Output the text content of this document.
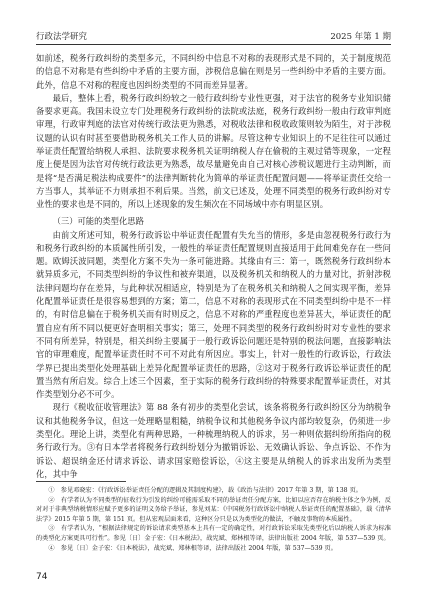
行政法学研究	2025 年第 1 期

如前述，税务行政纠纷的类型多元，不同纠纷中信息不对称的表现形式是不同的，关于制度规范的信息不对称是有些纠纷中矛盾的主要方面，涉税信息偏在则是另一些纠纷中矛盾的主要方面。此外，信息不对称的程度也因纠纷类型的不同而差异显著。

最后，整体上看，税务行政纠纷较之一般行政纠纷专业性更强，对于法官的税务专业知识储备要求更高。我国未设立专门处理税务行政纠纷的法院或法庭，税务行政纠纷一般由行政审判庭审理，行政审判庭的法官对传统行政法更为熟悉，对税收法律和税收政策则较为陌生，对于涉税议题的认识有时甚至要借助税务机关工作人员的讲解。尽管这种专业知识上的不足往往可以通过举证责任配置给纳税人承担、法院要求税务机关证明纳税人存在偷税的主观过错等现象，一定程度上便是因为法官对传统行政法更为熟悉，故尽量避免由自己对核心涉税议题进行主动判断，而是将“是否满足税法构成要件”的法律判断转化为简单的举证责任配置问题——将举证责任交给一方当事人，其举证不力则承担不利后果。当然，前文已述及，处理不同类型的税务行政纠纷对专业性的要求也是不同的，所以上述现象的发生频次在不同场域中亦有明显区别。

（三）可能的类型化思路

由前文所述可知，税务行政诉讼中举证责任配置有失允当的情形，多是由忽视税务行政行为和税务行政纠纷的本质属性所引发，一般性的举证责任配置规则直接适用于此间难免存在一些问题。欧姆沃波同题，类型化方案不失为一条可能进路。其缘由有三：第一，既然税务行政纠纷本就异质多元，不同类型纠纷的争议性和被弃渠道，以及税务机关和纳税人的力量对比，折射涉税法律问题均存在差异，与此种状况相适应，特别是为了在税务机关和纳税人之间实现平衡，差异化配置举证责任是很容易想到的方案；第二，信息不对称的表现形式在不同类型纠纷中是不一样的，有时信息偏在于税务机关而有时则反之，信息不对称的严重程度也差异甚大，举证责任的配置自应有所不同以便更好查明相关事实；第三，处理不同类型的税务行政纠纷时对专业性的要求不同有所差异，特别是，相关纠纷主要属于一般行政诉讼问题还是特别的税法问题，直接影响法官的审理难度，配置举证责任时不可不对此有所因应。事实上，针对一般性的行政诉讼，行政法学界已提出类型化处理基础上差异化配置举证责任的思路，②这对于税务行政诉讼举证责任的配置当然有所启发。综合上述三个因素，至于实际的税务行政纠纷的特殊要求配置举证责任，对其作类型划分必不可少。

现行《税收征收管理法》第 88 条有初步的类型化尝试，该条将税务行政纠纷区分为纳税争议和其他税务争议，但这一处理略显粗糙，纳税争议和其他税务争议内部均较复杂，仍须进一步类型化。理论上讲，类型化有两种思路，一种梳理纳税人的诉求，另一种则依据纠纷所指向的税务行政行为。③有日本学者将税务行政纠纷划分为撤销诉讼、无效确认诉讼、争点诉讼、不作为诉讼、超误纳金还付请求诉讼、请求国家赔偿诉讼，④这主要是从纳税人的诉求出发所为类型化，其中争

①　参见邓晓宏：《行政诉讼举证责任分配的逻辑及其制度构建》，载《政治与法律》2017 年第 3 期，第 138 页。

②　有学者认为不同类型的征收行为引发的纠纷可能需采取不同的举证责任分配方案，比如以应否存在纳税主体之争为例，反对对于非典型纳税情形应赋予更多的证明义务给予举证，参见刘某：《中国税务行政诉讼中纳税人举证责任的配置基础》，载《清华法学》2015 年第 5 期，第 151 页。但从宏观层面来看，这种区分只是以为类型化的做法，不触及事物的本质属性。

③　有学者认为，“根据法律规定的诉讼请求类型基本上具有一定的确定性，对行政诉讼采取先类型化后以纳税人诉求为标准的类型化方案更具可行性”。参见〔日〕金子宏：《日本税法》，战宪斌、郑林根等译，法律出版社 2004 年版，第 537—539 页。

④　参见〔日〕金子宏：《日本税法》，战宪斌、郑林根等译，法律出版社 2004 年版，第 537—539 页。

74
